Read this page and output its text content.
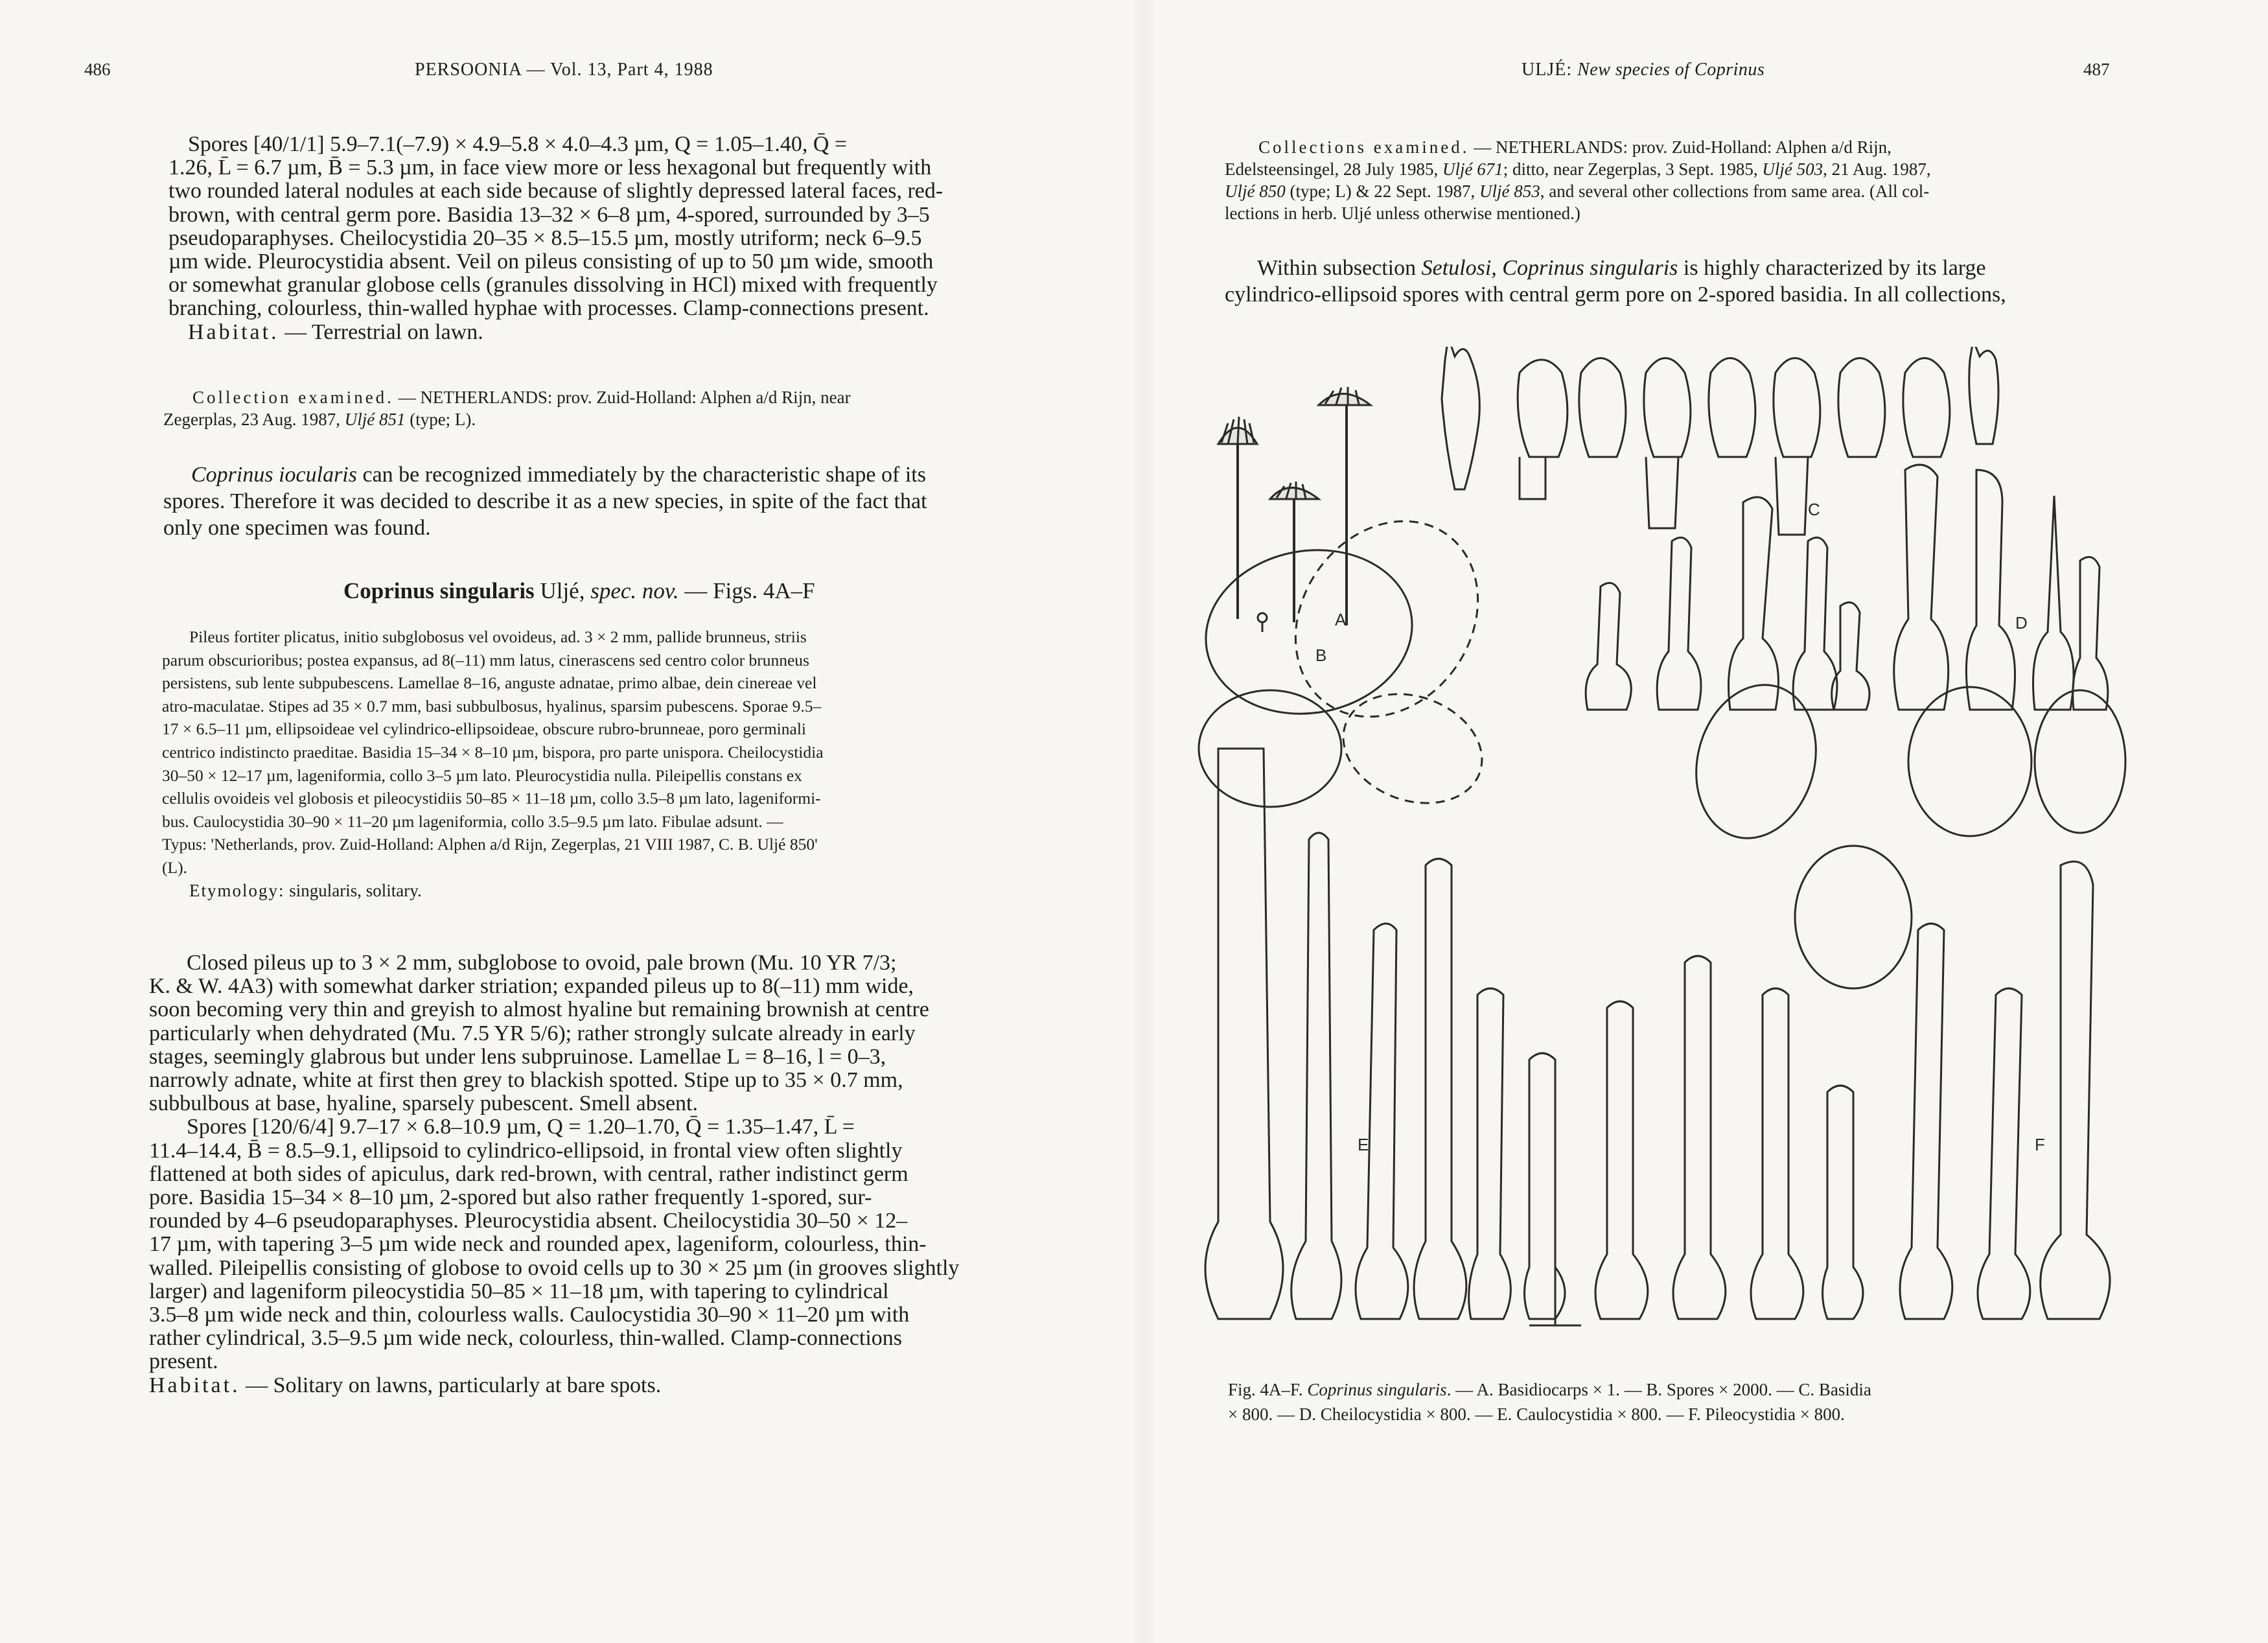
486	PERSOONIA — Vol. 13, Part 4, 1988
Spores [40/1/1] 5.9–7.1(–7.9) × 4.9–5.8 × 4.0–4.3 µm, Q = 1.05–1.40, Q̄ =
1.26, L̄ = 6.7 µm, B̄ = 5.3 µm, in face view more or less hexagonal but frequently with
two rounded lateral nodules at each side because of slightly depressed lateral faces, red-
brown, with central germ pore. Basidia 13–32 × 6–8 µm, 4-spored, surrounded by 3–5
pseudoparaphyses. Cheilocystidia 20–35 × 8.5–15.5 µm, mostly utriform; neck 6–9.5
µm wide. Pleurocystidia absent. Veil on pileus consisting of up to 50 µm wide, smooth
or somewhat granular globose cells (granules dissolving in HCl) mixed with frequently
branching, colourless, thin-walled hyphae with processes. Clamp-connections present.
Habitat. — Terrestrial on lawn.
Collection examined. — NETHERLANDS: prov. Zuid-Holland: Alphen a/d Rijn, near
Zegerplas, 23 Aug. 1987, Uljé 851 (type; L).
Coprinus iocularis can be recognized immediately by the characteristic shape of its
spores. Therefore it was decided to describe it as a new species, in spite of the fact that
only one specimen was found.
Coprinus singularis Uljé, spec. nov. — Figs. 4A–F
Pileus fortiter plicatus, initio subglobosus vel ovoideus, ad. 3 × 2 mm, pallide brunneus, striis
parum obscurioribus; postea expansus, ad 8(–11) mm latus, cinerascens sed centro color brunneus
persistens, sub lente subpubescens. Lamellae 8–16, anguste adnatae, primo albae, dein cinereae vel
atro-maculatae. Stipes ad 35 × 0.7 mm, basi subbulbosus, hyalinus, sparsim pubescens. Sporae 9.5–
17 × 6.5–11 µm, ellipsoideae vel cylindrico-ellipsoideae, obscure rubro-brunneae, poro germinali
centrico indistincto praeditae. Basidia 15–34 × 8–10 µm, bispora, pro parte unispora. Cheilocystidia
30–50 × 12–17 µm, lageniformia, collo 3–5 µm lato. Pleurocystidia nulla. Pileipellis constans ex
cellulis ovoideis vel globosis et pileocystidiis 50–85 × 11–18 µm, collo 3.5–8 µm lato, lageniformi-
bus. Caulocystidia 30–90 × 11–20 µm lageniformia, collo 3.5–9.5 µm lato. Fibulae adsunt. —
Typus: 'Netherlands, prov. Zuid-Holland: Alphen a/d Rijn, Zegerplas, 21 VIII 1987, C. B. Uljé 850'
(L).
Etymology: singularis, solitary.
Closed pileus up to 3 × 2 mm, subglobose to ovoid, pale brown (Mu. 10 YR 7/3;
K. & W. 4A3) with somewhat darker striation; expanded pileus up to 8(–11) mm wide,
soon becoming very thin and greyish to almost hyaline but remaining brownish at centre
particularly when dehydrated (Mu. 7.5 YR 5/6); rather strongly sulcate already in early
stages, seemingly glabrous but under lens subpruinose. Lamellae L = 8–16, l = 0–3,
narrowly adnate, white at first then grey to blackish spotted. Stipe up to 35 × 0.7 mm,
subbulbous at base, hyaline, sparsely pubescent. Smell absent.
Spores [120/6/4] 9.7–17 × 6.8–10.9 µm, Q = 1.20–1.70, Q̄ = 1.35–1.47, L̄ =
11.4–14.4, B̄ = 8.5–9.1, ellipsoid to cylindrico-ellipsoid, in frontal view often slightly
flattened at both sides of apiculus, dark red-brown, with central, rather indistinct germ
pore. Basidia 15–34 × 8–10 µm, 2-spored but also rather frequently 1-spored, sur-
rounded by 4–6 pseudoparaphyses. Pleurocystidia absent. Cheilocystidia 30–50 × 12–
17 µm, with tapering 3–5 µm wide neck and rounded apex, lageniform, colourless, thin-
walled. Pileipellis consisting of globose to ovoid cells up to 30 × 25 µm (in grooves slightly
larger) and lageniform pileocystidia 50–85 × 11–18 µm, with tapering to cylindrical
3.5–8 µm wide neck and thin, colourless walls. Caulocystidia 30–90 × 11–20 µm with
rather cylindrical, 3.5–9.5 µm wide neck, colourless, thin-walled. Clamp-connections
present.
Habitat. — Solitary on lawns, particularly at bare spots.
ULJÉ: New species of Coprinus	487
Collections examined. — NETHERLANDS: prov. Zuid-Holland: Alphen a/d Rijn,
Edelsteensingel, 28 July 1985, Uljé 671; ditto, near Zegerplas, 3 Sept. 1985, Uljé 503, 21 Aug. 1987,
Uljé 850 (type; L) & 22 Sept. 1987, Uljé 853, and several other collections from same area. (All col-
lections in herb. Uljé unless otherwise mentioned.)
Within subsection Setulosi, Coprinus singularis is highly characterized by its large
cylindrico-ellipsoid spores with central germ pore on 2-spored basidia. In all collections,
A
C
D
B
E	F
Fig. 4A–F. Coprinus singularis. — A. Basidiocarps × 1. — B. Spores × 2000. — C. Basidia
× 800. — D. Cheilocystidia × 800. — E. Caulocystidia × 800. — F. Pileocystidia × 800.
